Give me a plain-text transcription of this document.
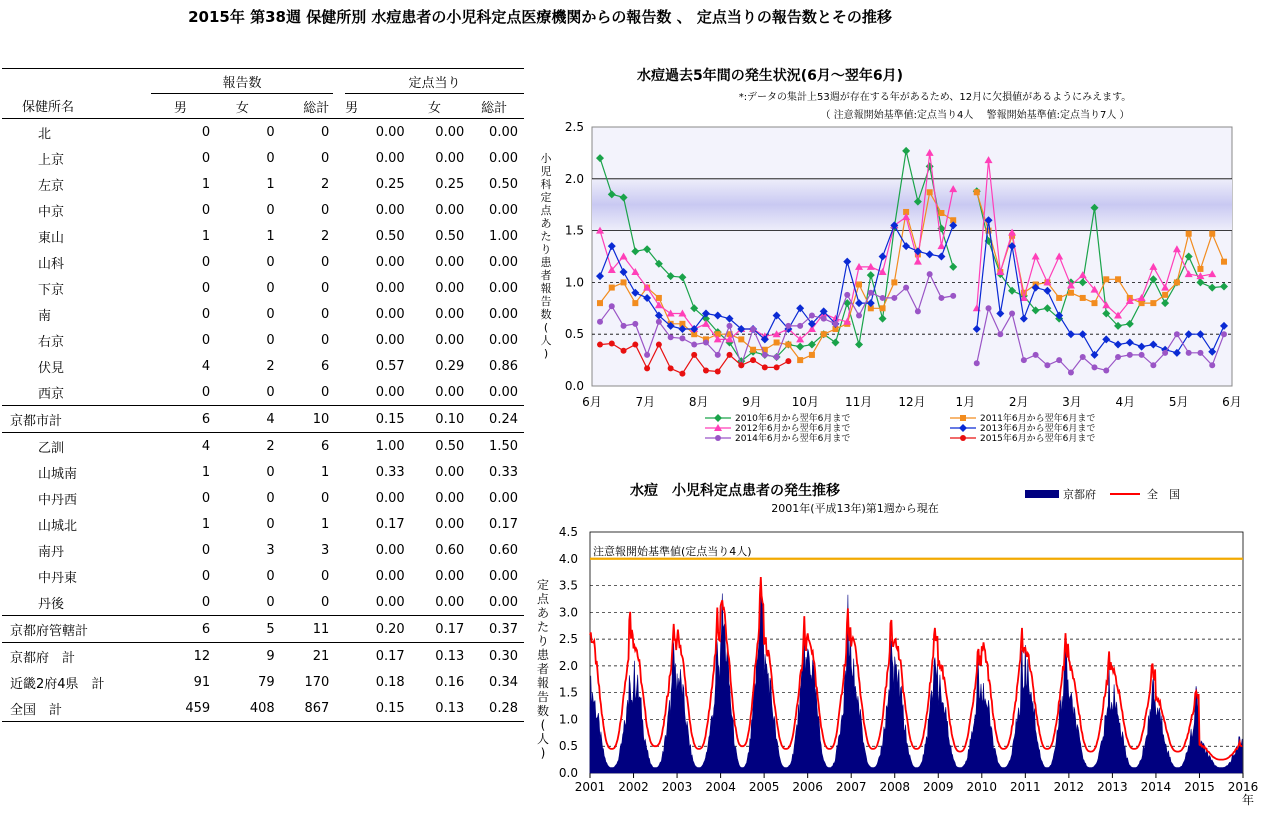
2015年 第38週 保健所別 水痘患者の小児科定点医療機関からの報告数 、 定点当りの報告数とその推移
	報告数				定点当り		
保健所名	男	女	総計		男	女	総計
北	0	0	0		0.00	0.00	0.00
上京	0	0	0		0.00	0.00	0.00
左京	1	1	2		0.25	0.25	0.50
中京	0	0	0		0.00	0.00	0.00
東山	1	1	2		0.50	0.50	1.00
山科	0	0	0		0.00	0.00	0.00
下京	0	0	0		0.00	0.00	0.00
南	0	0	0		0.00	0.00	0.00
右京	0	0	0		0.00	0.00	0.00
伏見	4	2	6		0.57	0.29	0.86
西京	0	0	0		0.00	0.00	0.00
京都市計	6	4	10		0.15	0.10	0.24
乙訓	4	2	6		1.00	0.50	1.50
山城南	1	0	1		0.33	0.00	0.33
中丹西	0	0	0		0.00	0.00	0.00
山城北	1	0	1		0.17	0.00	0.17
南丹	0	3	3		0.00	0.60	0.60
中丹東	0	0	0		0.00	0.00	0.00
丹後	0	0	0		0.00	0.00	0.00
京都府管轄計	6	5	11		0.20	0.17	0.37
京都府　計	12	9	21		0.17	0.13	0.30
近畿2府4県　計	91	79	170		0.18	0.16	0.34
全国　計	459	408	867		0.15	0.13	0.28
水痘過去5年間の発生状況(6月～翌年6月)
*:データの集計上53週が存在する年があるため、12月に欠損値があるようにみえます。
（ 注意報開始基準値:定点当り4人　 警報開始基準値:定点当り7人 ）
0.0
0.5
1.0
1.5
2.0
2.5
6月	7月	8月	9月 10月 11月 12月 1月	2月	3月	4月	5月	6月
小
児
科
定
点
あ
た
り
患
者
報
告
数
(
人
)
2010年6月から翌年6月まで	2011年6月から翌年6月まで
2012年6月から翌年6月まで	2013年6月から翌年6月まで
2014年6月から翌年6月まで	2015年6月から翌年6月まで
水痘　小児科定点患者の発生推移
2001年(平成13年)第1週から現在
京都府	全　国
0.0
0.5
1.0
1.5
2.0
2.5
3.0
3.5
4.0
4.5
2001 2002 2003 2004 2005 2006 2007 2008 2009 2010 2011 2012 2013 2014 2015 2016
年
定
点
あ
た
り
患
者
報
告
数
(
人
)
注意報開始基準値(定点当り4人)
